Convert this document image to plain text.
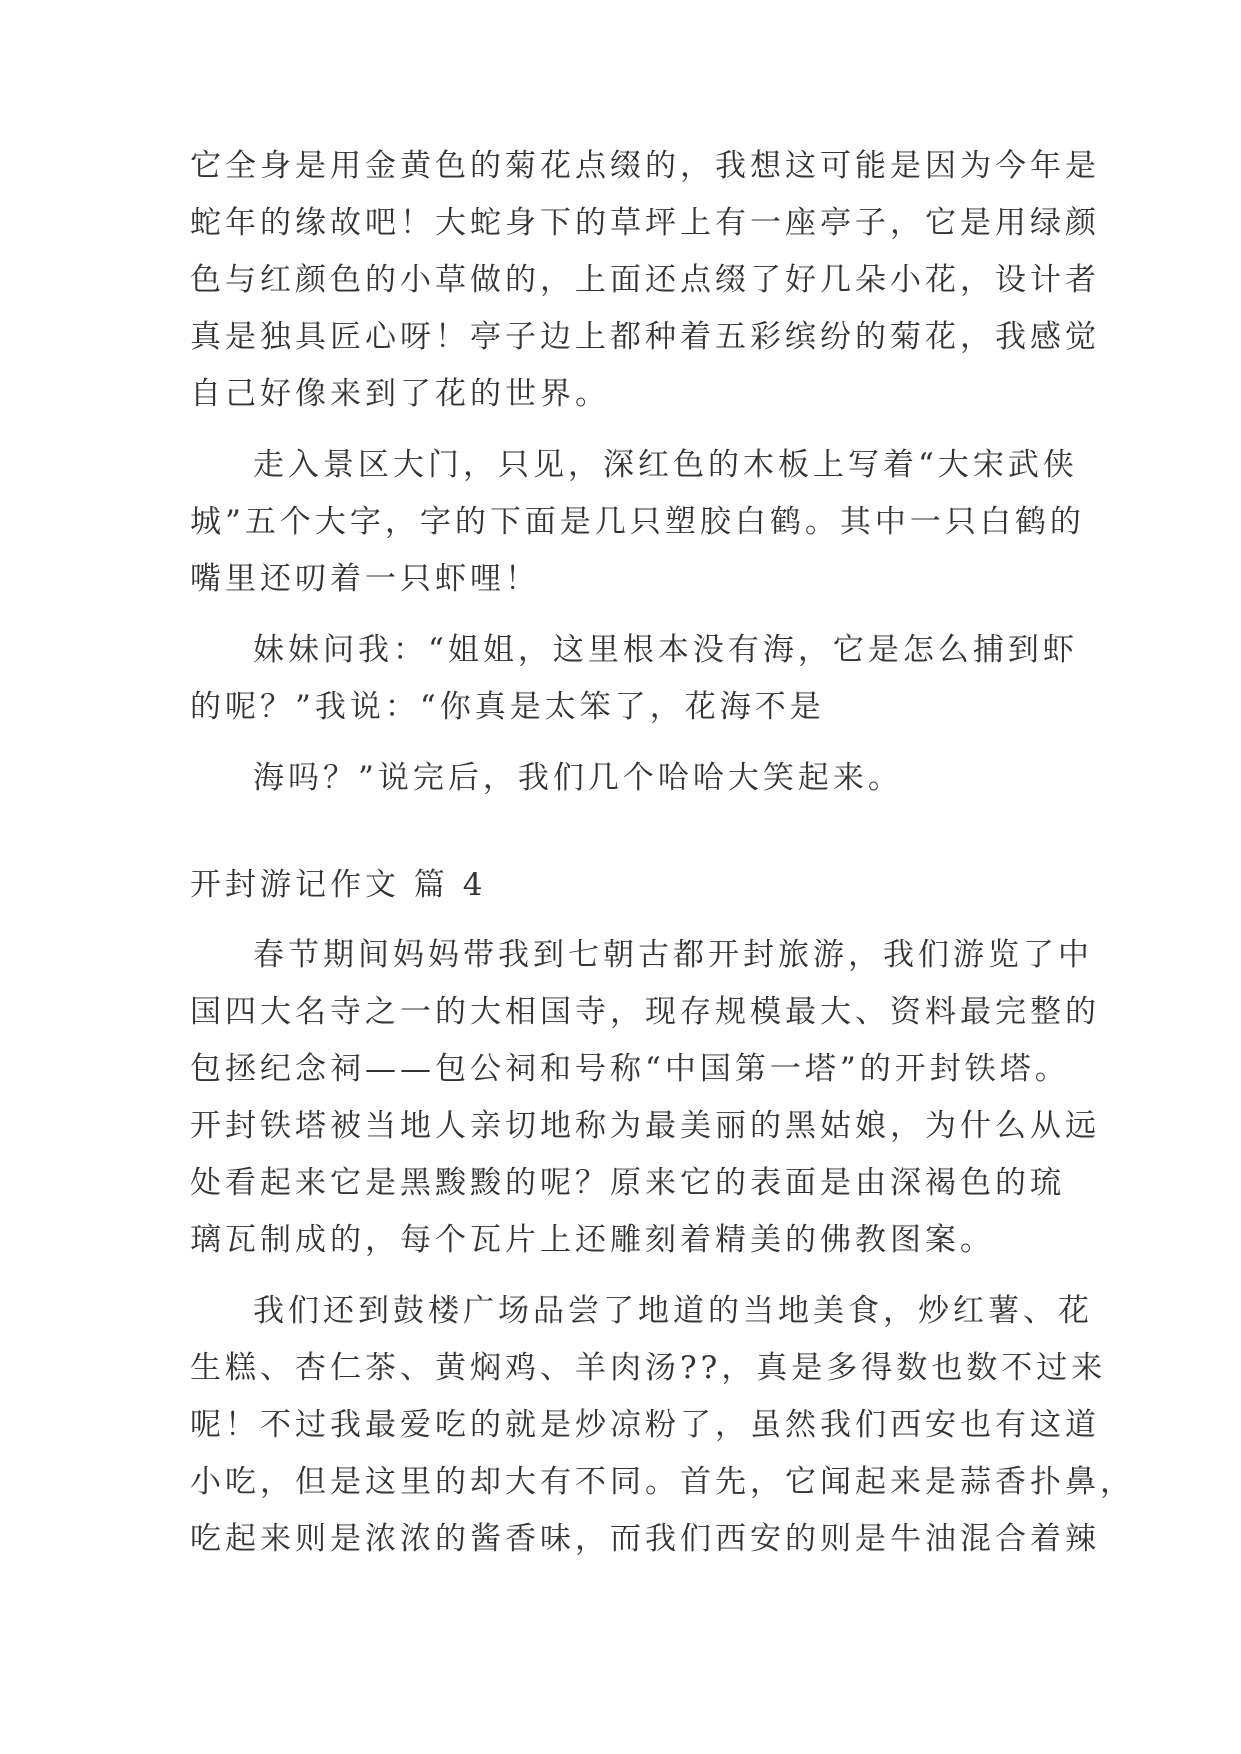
它全身是用金黄色的菊花点缀的，我想这可能是因为今年是
蛇年的缘故吧！大蛇身下的草坪上有一座亭子，它是用绿颜
色与红颜色的小草做的，上面还点缀了好几朵小花，设计者
真是独具匠心呀！亭子边上都种着五彩缤纷的菊花，我感觉
自己好像来到了花的世界。
走入景区大门，只见，深红色的木板上写着“大宋武侠
城”五个大字，字的下面是几只塑胶白鹤。其中一只白鹤的
嘴里还叨着一只虾哩！
妹妹问我：“姐姐，这里根本没有海，它是怎么捕到虾
的呢？”我说：“你真是太笨了，花海不是
海吗？”说完后，我们几个哈哈大笑起来。
开封游记作文 篇 4
春节期间妈妈带我到七朝古都开封旅游，我们游览了中
国四大名寺之一的大相国寺，现存规模最大、资料最完整的
包拯纪念祠——包公祠和号称“中国第一塔”的开封铁塔。
开封铁塔被当地人亲切地称为最美丽的黑姑娘，为什么从远
处看起来它是黑黢黢的呢？原来它的表面是由深褐色的琉
璃瓦制成的，每个瓦片上还雕刻着精美的佛教图案。
我们还到鼓楼广场品尝了地道的当地美食，炒红薯、花
生糕、杏仁茶、黄焖鸡、羊肉汤??，真是多得数也数不过来
呢！不过我最爱吃的就是炒凉粉了，虽然我们西安也有这道
小吃，但是这里的却大有不同。首先，它闻起来是蒜香扑鼻，
吃起来则是浓浓的酱香味，而我们西安的则是牛油混合着辣
